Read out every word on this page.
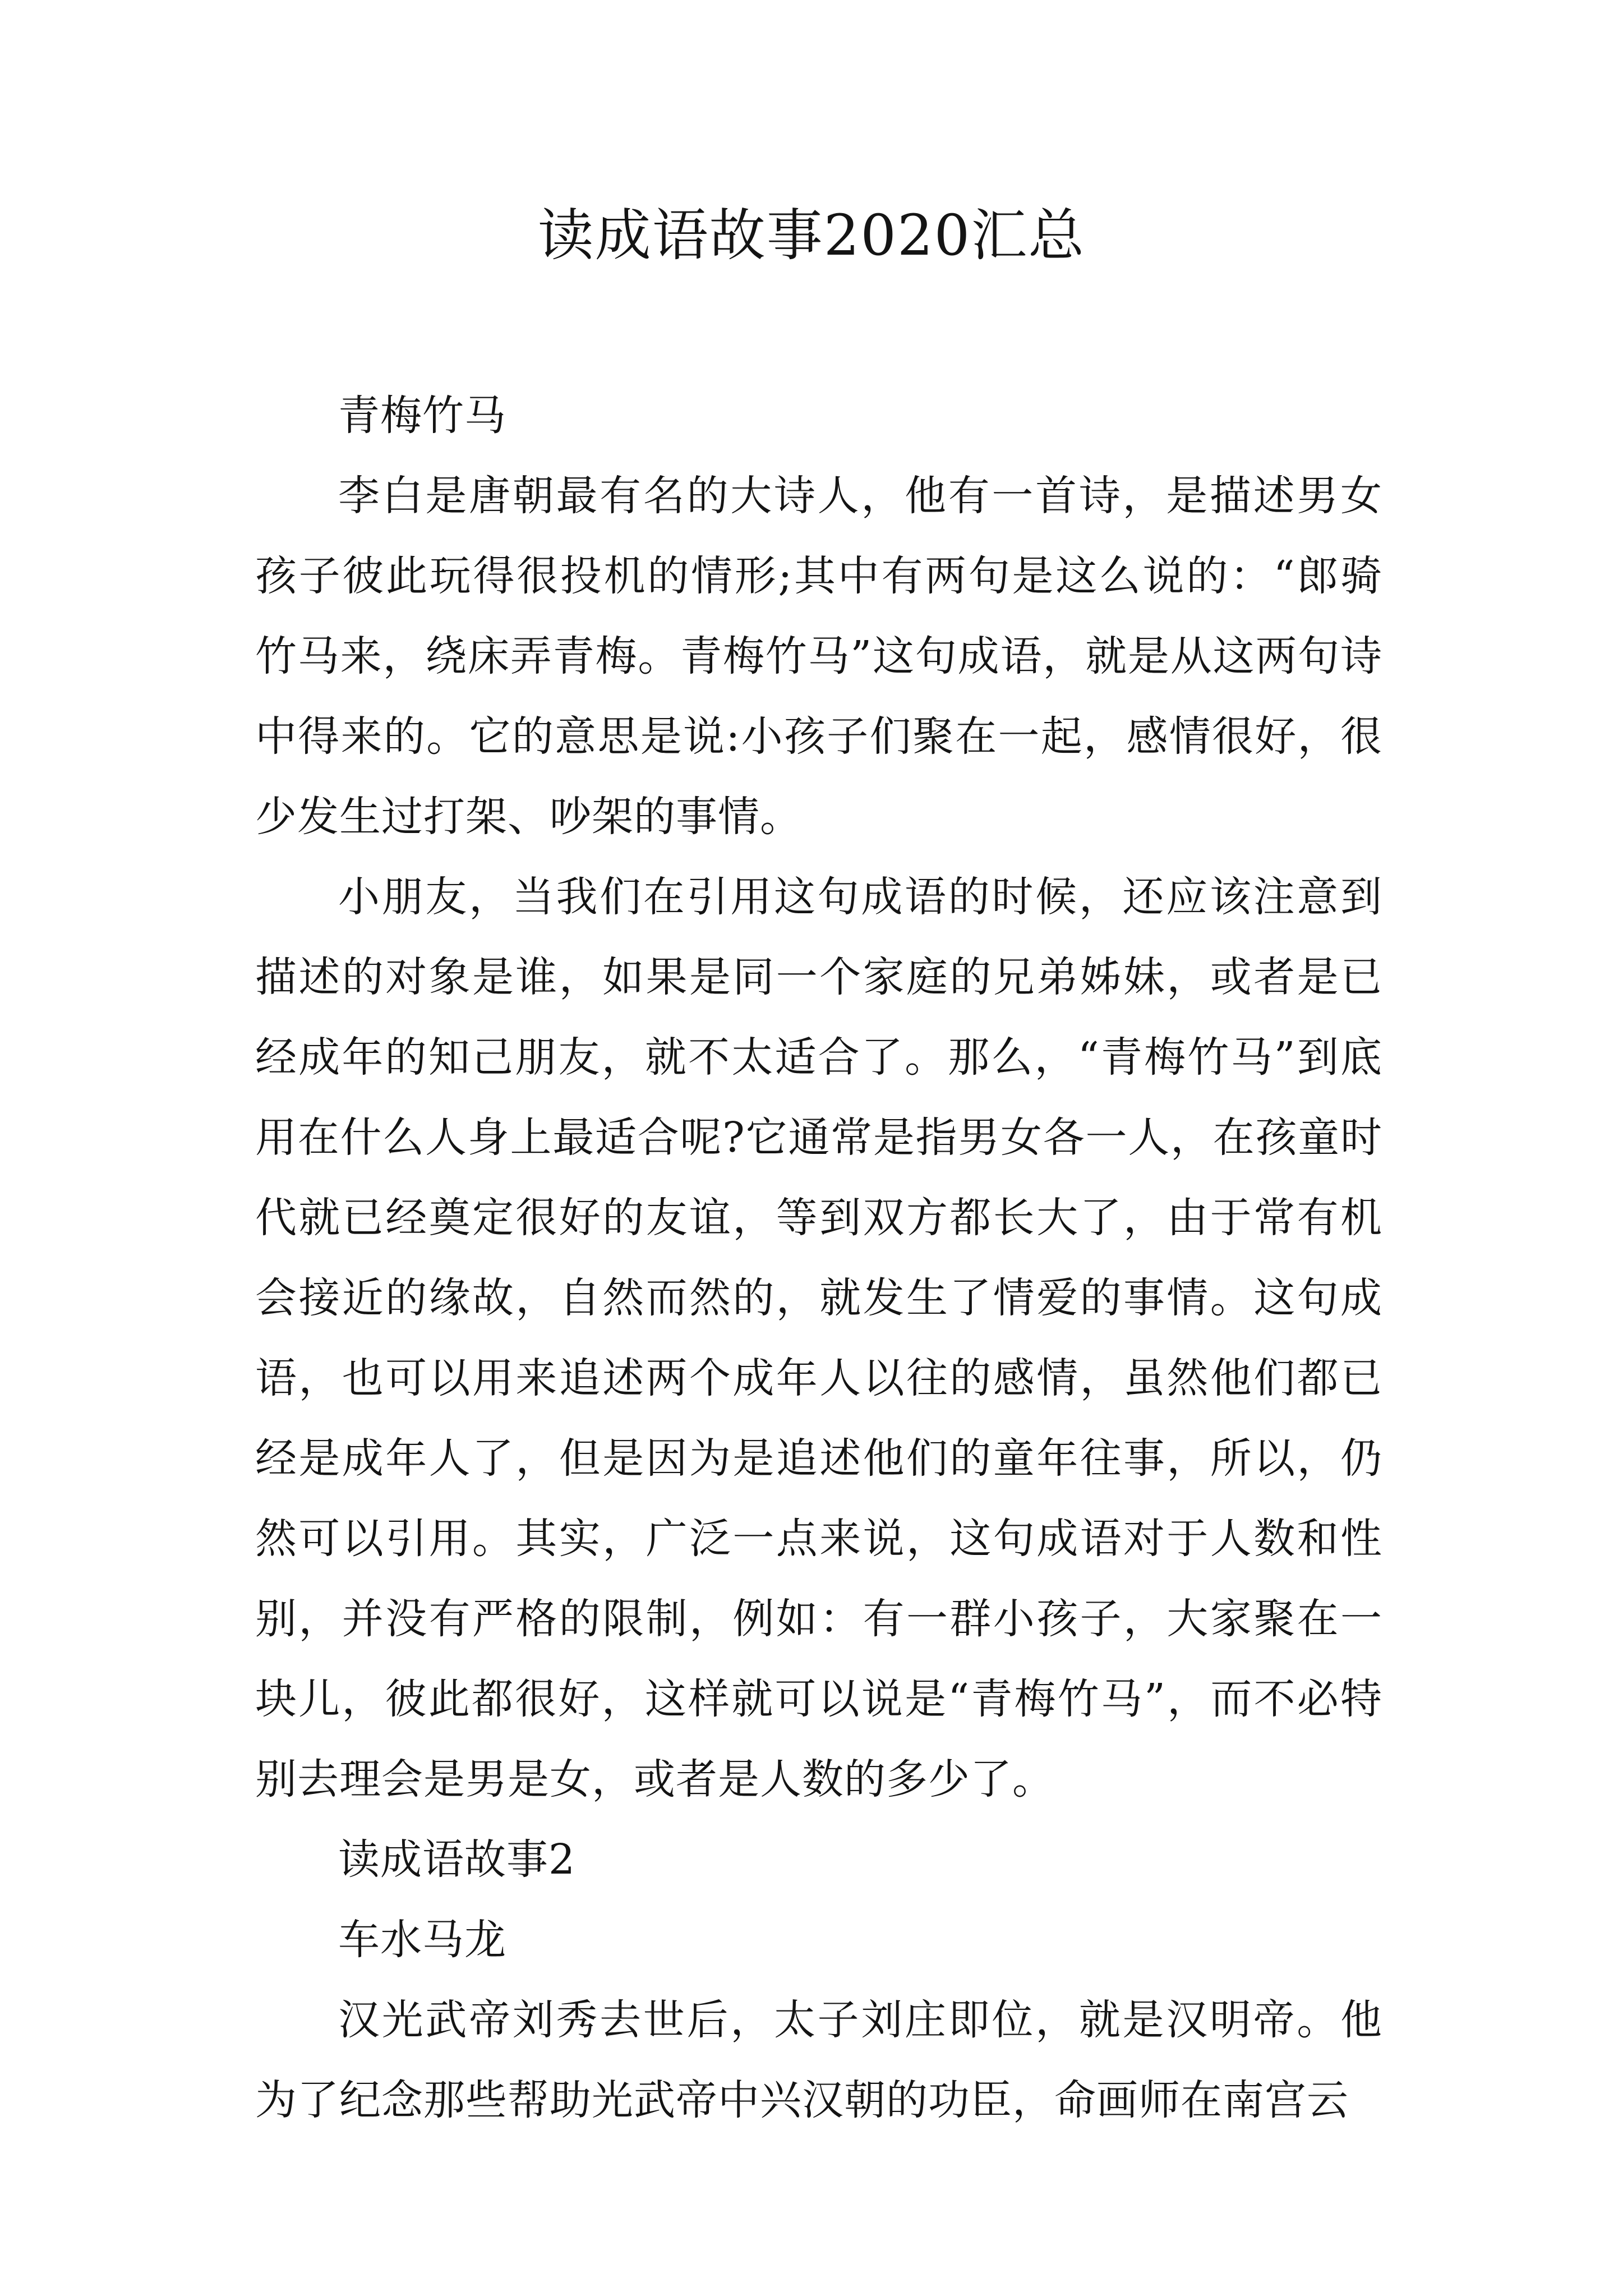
读成语故事2020汇总

青梅竹马

李白是唐朝最有名的大诗人，他有一首诗，是描述男女孩子彼此玩得很投机的情形;其中有两句是这么说的：“郎骑竹马来，绕床弄青梅。青梅竹马”这句成语，就是从这两句诗中得来的。它的意思是说:小孩子们聚在一起，感情很好，很少发生过打架、吵架的事情。

小朋友，当我们在引用这句成语的时候，还应该注意到描述的对象是谁，如果是同一个家庭的兄弟姊妹，或者是已经成年的知己朋友，就不太适合了。那么，“青梅竹马”到底用在什么人身上最适合呢?它通常是指男女各一人，在孩童时代就已经奠定很好的友谊，等到双方都长大了，由于常有机会接近的缘故，自然而然的，就发生了情爱的事情。这句成语，也可以用来追述两个成年人以往的感情，虽然他们都已经是成年人了，但是因为是追述他们的童年往事，所以，仍然可以引用。其实，广泛一点来说，这句成语对于人数和性别，并没有严格的限制，例如：有一群小孩子，大家聚在一块儿，彼此都很好，这样就可以说是“青梅竹马”，而不必特别去理会是男是女，或者是人数的多少了。

读成语故事2

车水马龙

汉光武帝刘秀去世后，太子刘庄即位，就是汉明帝。他为了纪念那些帮助光武帝中兴汉朝的功臣，命画师在南宫云
